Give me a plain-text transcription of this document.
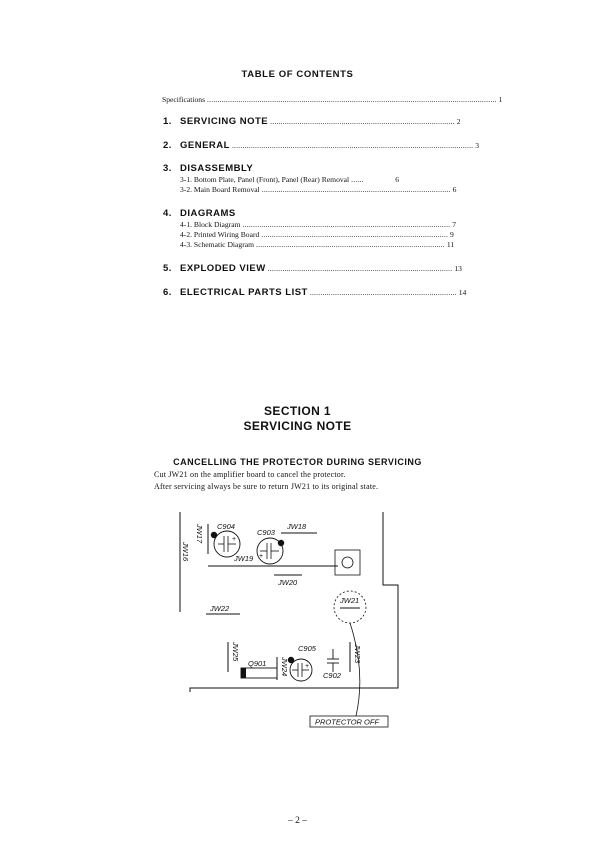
TABLE OF CONTENTS
Specifications .......................................................................................................................................... 1
1. SERVICING NOTE ........................................................................................ 2
2. GENERAL ................................................................................................................... 3
3. DISASSEMBLY
3-1. Bottom Plate, Panel (Front), Panel (Rear) Removal ......	6
3-2. Main Board Removal .......................................................................................... 6
4. DIAGRAMS
4-1. Block Diagram ................................................................................................... 7
4-2. Printed Wiring Board ......................................................................................... 9
4-3. Schematic Diagram .......................................................................................... 11
5. EXPLODED VIEW ........................................................................................ 13
6. ELECTRICAL PARTS LIST ...................................................................... 14
SECTION 1
SERVICING NOTE
CANCELLING THE PROTECTOR DURING SERVICING
Cut JW21 on the amplifier board to cancel the protector.
After servicing always be sure to return JW21 to its original state.
+
+
+
C904
C903
JW18
JW17
JW16	JW19
JW20
JW21
JW22
JW25
Q901
C905
JW24	C902
JW23
PROTECTOR OFF
– 2 –
